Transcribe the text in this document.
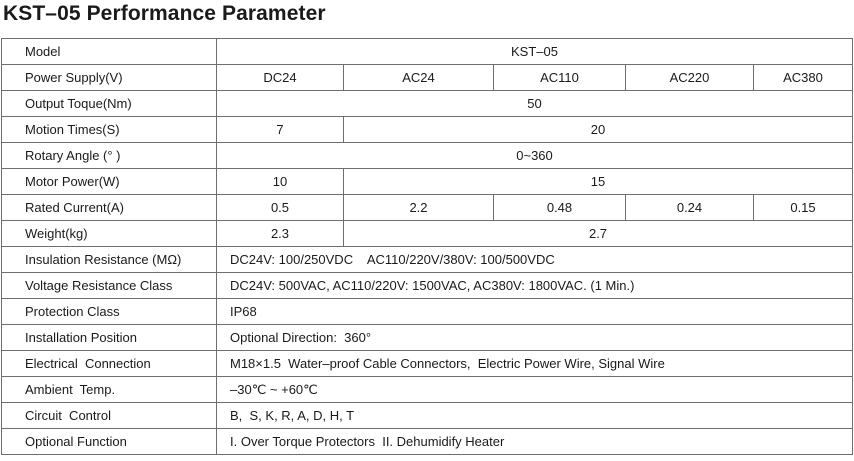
KST–05 Performance Parameter
Model	KST–05				
Power Supply(V)	DC24	AC24	AC110	AC220	AC380
Output Toque(Nm)	50				
Motion Times(S)	7	20			
Rotary Angle (° )	0~360				
Motor Power(W)	10	15			
Rated Current(A)	0.5	2.2	0.48	0.24	0.15
Weight(kg)	2.3	2.7			
Insulation Resistance (MΩ)	DC24V: 100/250VDC    AC110/220V/380V: 100/500VDC				
Voltage Resistance Class	DC24V: 500VAC, AC110/220V: 1500VAC, AC380V: 1800VAC. (1 Min.)				
Protection Class	IP68				
Installation Position	Optional Direction:  360°				
Electrical  Connection	M18×1.5  Water–proof Cable Connectors,  Electric Power Wire, Signal Wire				
Ambient  Temp.	–30℃ ~ +60℃				
Circuit  Control	B,  S, K, R, A, D, H, T				
Optional Function	I. Over Torque Protectors  II. Dehumidify Heater				
